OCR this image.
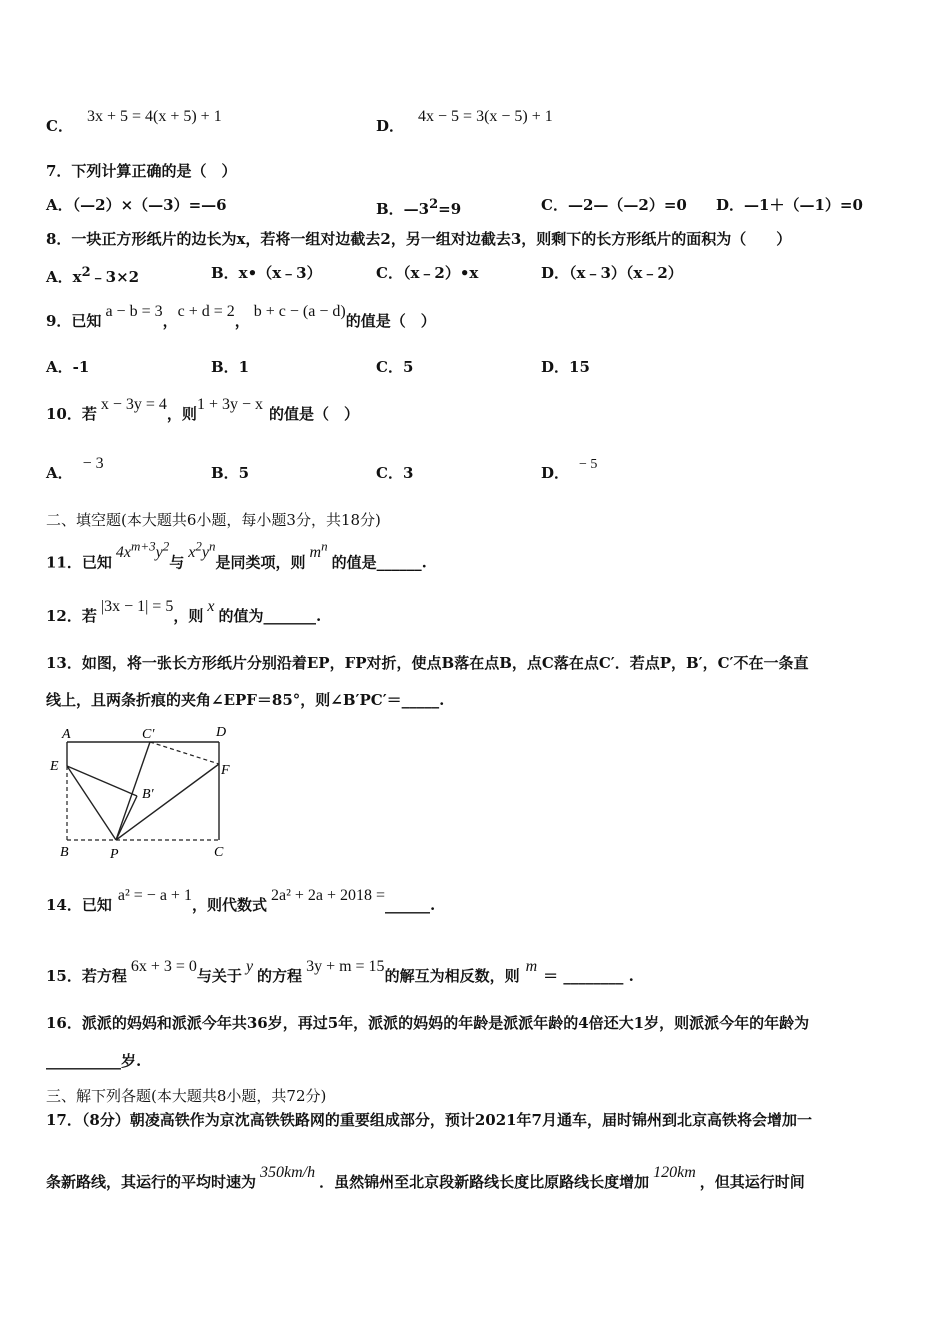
C．3x + 5 = 4(x + 5) + 1
D．4x − 5 = 3(x − 5) + 1
7．下列计算正确的是（　）
A．（—2）×（—3）=—6	B．$—3^2=9$	C．—2—（—2）=0 D．—1＋（—1）=0
8．一块正方形纸片的边长为x，若将一组对边截去2，另一组对边截去3，则剩下的长方形纸片的面积为（　　）
A．$x^2﹣3\times 2$	B．x•（x﹣3）	C．（x﹣2）•x	D．（x﹣3）（x﹣2）
9．已知a − b = 3，c + d = 2，b + c − (a − d)的值是（　）
A．-1	B．1	C．5	D．15
10．若x − 3y = 4，则1 + 3y − x的值是（　）
A．− 3
B．5	C．3	D． − 5
二、填空题(本大题共6小题，每小题3分，共18分)
11．已知$4x^{m+3}y^2$与$x^2y^n$是同类项，则$m^n$的值是______.
12．若|3x − 1| = 5，则x的值为_______.
13．如图，将一张长方形纸片分别沿着EP，FP对折，使点B落在点B，点C落在点C′．若点P，B′，C′不在一条直
线上，且两条折痕的夹角∠EPF＝85°，则∠B′PC′＝_____.
A	C′	D
E	F
B′
B	P	C
14．已知a² = − a + 1，则代数式2a² + 2a + 2018 =______.
15．若方程6x + 3 = 0与关于y的方程3y + m = 15的解互为相反数，则m＝ ________ .
16．派派的妈妈和派派今年共36岁，再过5年，派派的妈妈的年龄是派派年龄的4倍还大1岁，则派派今年的年龄为
__________岁.
三、解下列各题(本大题共8小题，共72分)
17．（8分）朝凌高铁作为京沈高铁铁路网的重要组成部分，预计2021年7月通车，届时锦州到北京高铁将会增加一
条新路线，其运行的平均时速为350km/h．虽然锦州至北京段新路线长度比原路线长度增加120km，但其运行时间
